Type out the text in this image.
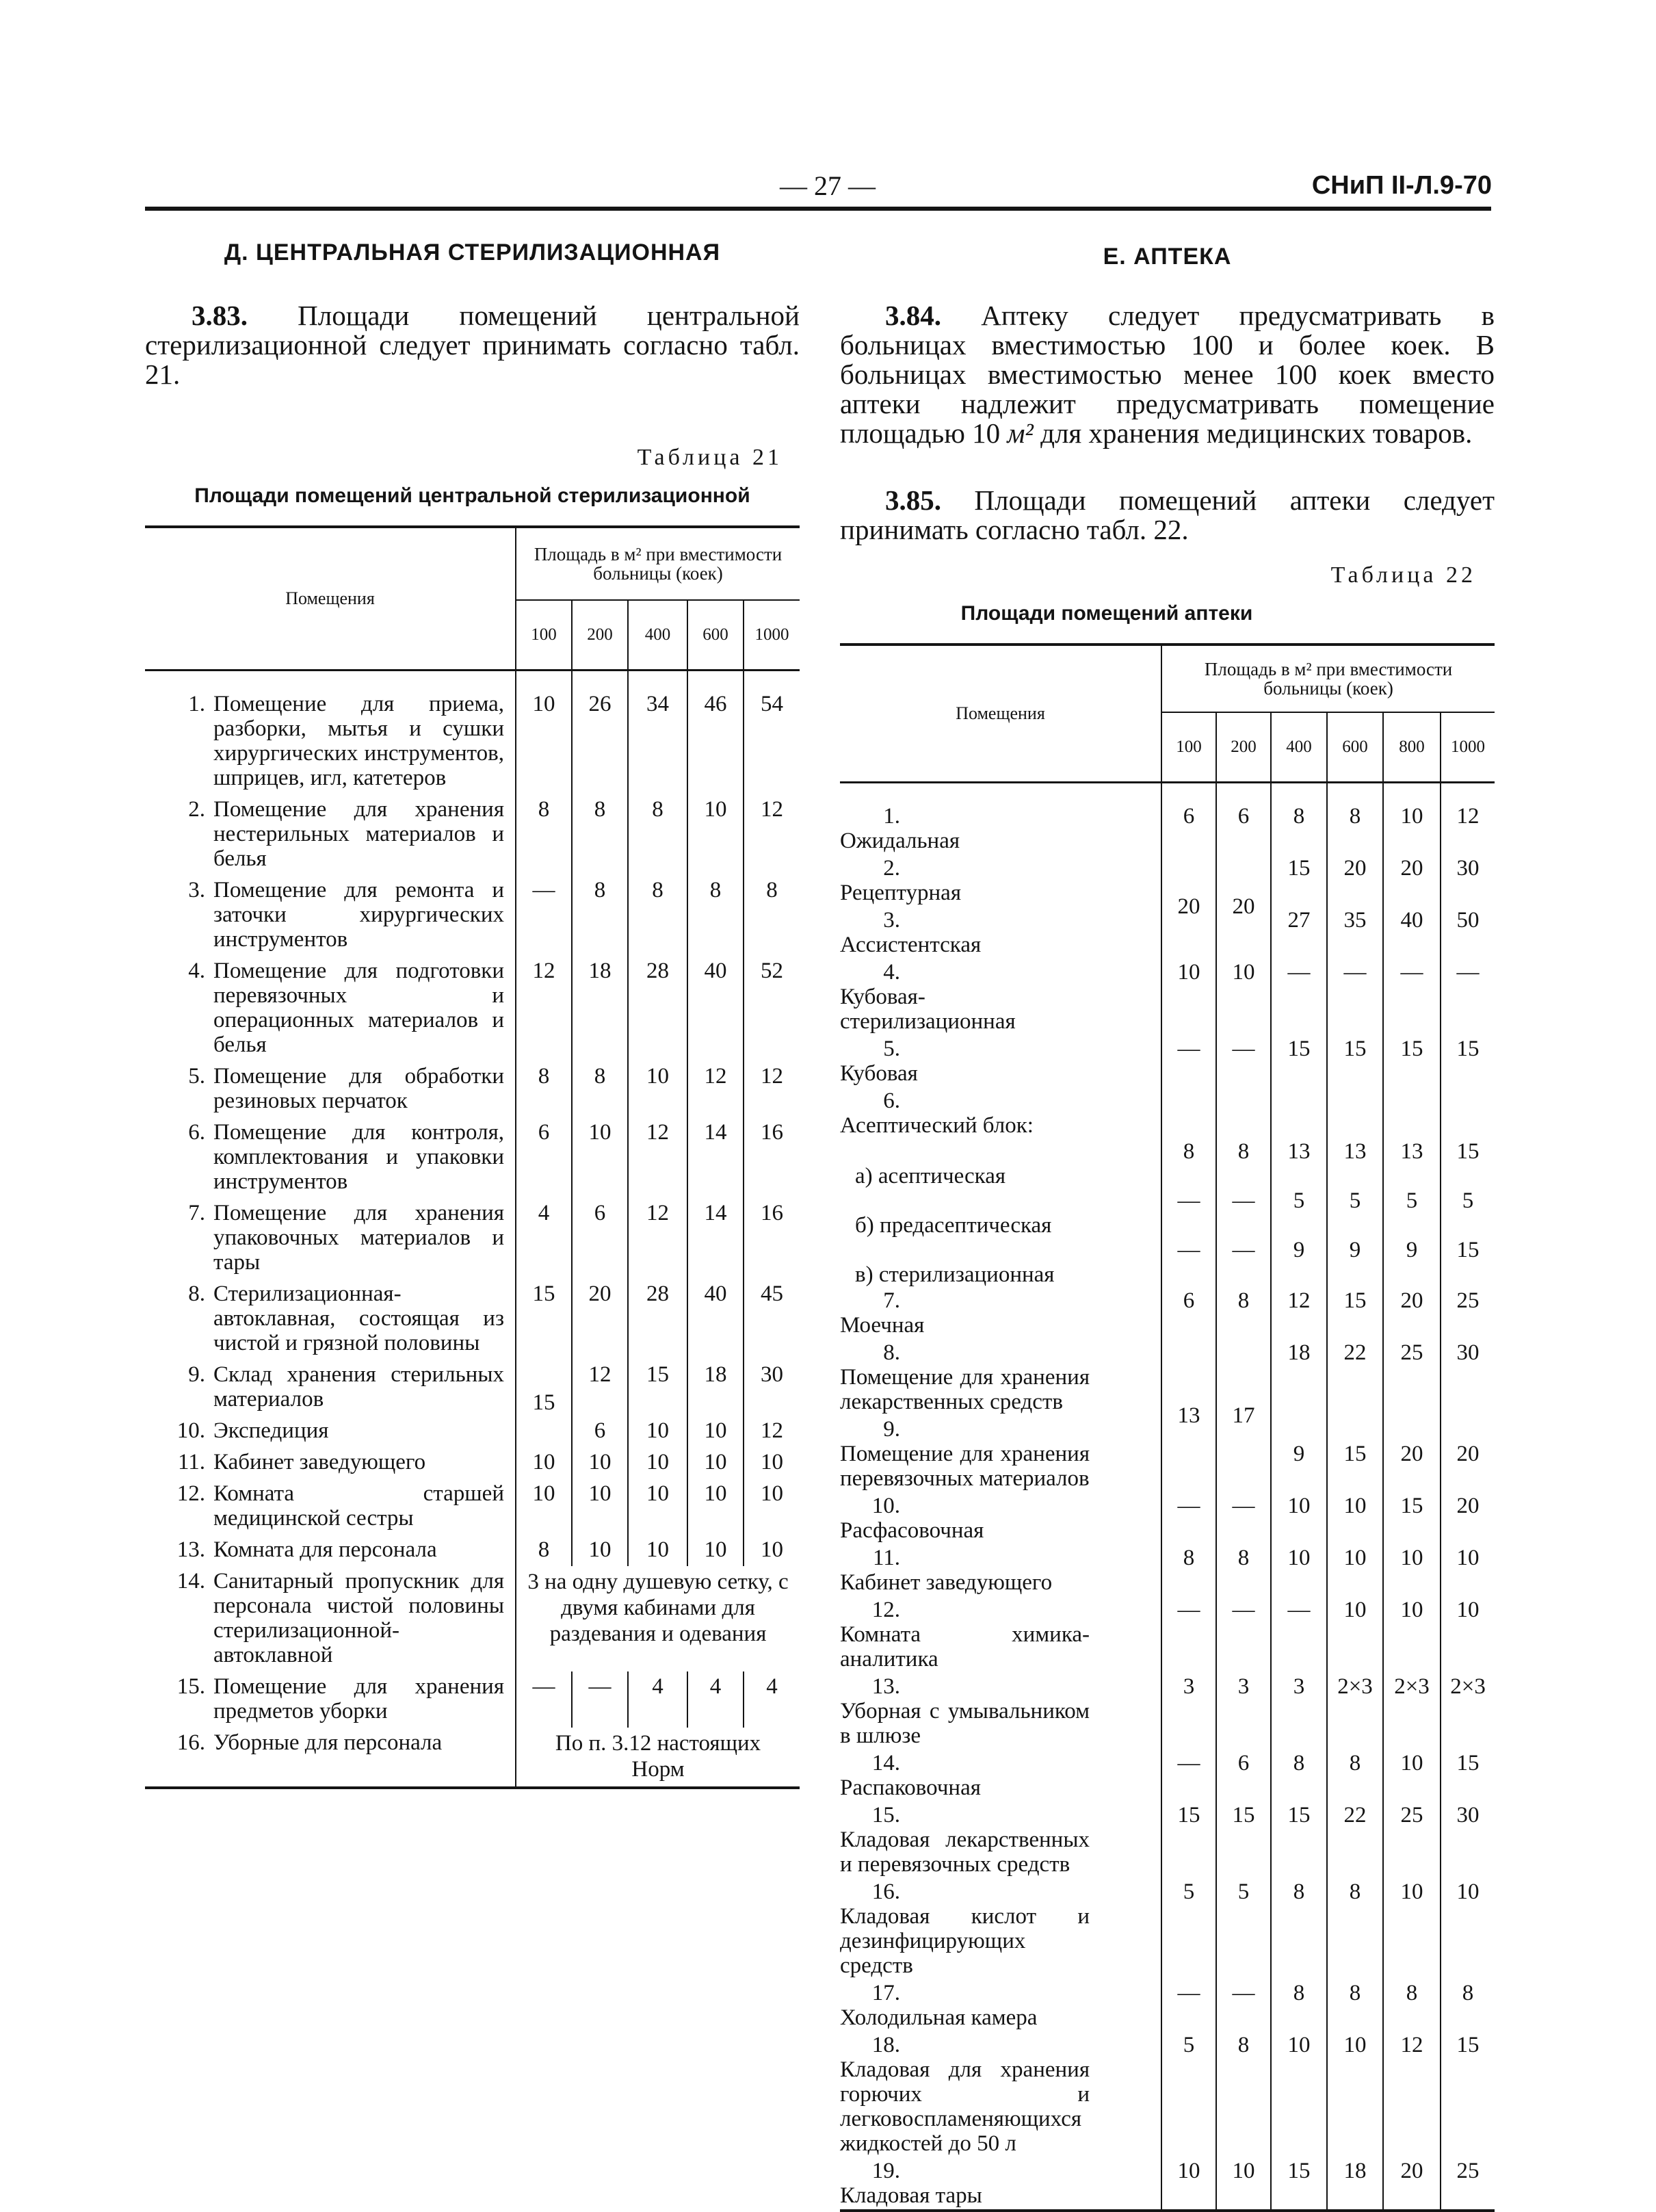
— 27 —	СНиП II-Л.9-70
Д. ЦЕНТРАЛЬНАЯ СТЕРИЛИЗАЦИОННАЯ
3.83. Площади помещений центральной стерилизационной следует принимать согласно табл. 21.
Таблица 21
Площади помещений центральной стерилизационной
Помещения	Площадь в м² при вместимости больницы (коек)				
	100	200	400	600	1000
1. Помещение для приема, разборки, мытья и сушки хирургических инструментов, шприцев, игл, катетеров	10	26	34	46	54
2. Помещение для хранения нестерильных материалов и белья	8	8	8	10	12
3. Помещение для ремонта и заточки хирургических инструментов	—	8	8	8	8
4. Помещение для подготовки перевязочных и операционных материалов и белья	12	18	28	40	52
5. Помещение для обработки резиновых перчаток	8	8	10	12	12
6. Помещение для контроля, комплектования и упаковки инструментов	6	10	12	14	16
7. Помещение для хранения упаковочных материалов и тары	4	6	12	14	16
8. Стерилизационная-автоклавная, состоящая из чистой и грязной половины	15	20	28	40	45
9. Склад хранения стерильных материалов	15	12	15	18	30
10. Экспедиция		6	10	10	12
11. Кабинет заведующего	10	10	10	10	10
12. Комната старшей медицинской сестры	10	10	10	10	10
13. Комната для персонала	8	10	10	10	10
14. Санитарный пропускник для персонала чистой половины стерилизационной-автоклавной	3 на одну душевую сетку, с двумя кабинами для раздевания и одевания				
15. Помещение для хранения предметов уборки	—	—	4	4	4
16. Уборные для персонала	По п. 3.12 настоящих Норм				
Е. АПТЕКА
3.84. Аптеку следует предусматривать в больницах вместимостью 100 и более коек. В больницах вместимостью менее 100 коек вместо аптеки надлежит предусматривать помещение площадью 10 м² для хранения медицинских товаров.
3.85. Площади помещений аптеки следует принимать согласно табл. 22.
Таблица 22
Площади помещений аптеки
Помещения	Площадь в м² при вместимости больницы (коек)					
	100	200	400	600	800	1000
1.Ожидальная	6	6	8	8	10	12
2.Рецептурная	20	20	15	20	20	30
3.Ассистентская			27	35	40	50
4.Кубовая-стерилизационная	10	10	—	—	—	—
5.Кубовая	—	—	15	15	15	15
6.Асептический блок:						
а) асептическая	8	8	13	13	13	15
б) предасептическая	—	—	5	5	5	5
в) стерилизационная	—	—	9	9	9	15
7.Моечная	6	8	12	15	20	25
8.Помещение для хранения лекарственных средств	13	17	18	22	25	30
9.Помещение для хранения перевязочных материалов			9	15	20	20
10.Расфасовочная	—	—	10	10	15	20
11.Кабинет заведующего	8	8	10	10	10	10
12.Комната химика-аналитика	—	—	—	10	10	10
13.Уборная с умывальником в шлюзе	3	3	3	2×3	2×3	2×3
14.Распаковочная	—	6	8	8	10	15
15.Кладовая лекарственных и перевязочных средств	15	15	15	22	25	30
16.Кладовая кислот и дезинфицирующих средств	5	5	8	8	10	10
17.Холодильная камера	—	—	8	8	8	8
18.Кладовая для хранения горючих и легковоспламеняющихся жидкостей до 50 л	5	8	10	10	12	15
19.Кладовая тары	10	10	15	18	20	25
